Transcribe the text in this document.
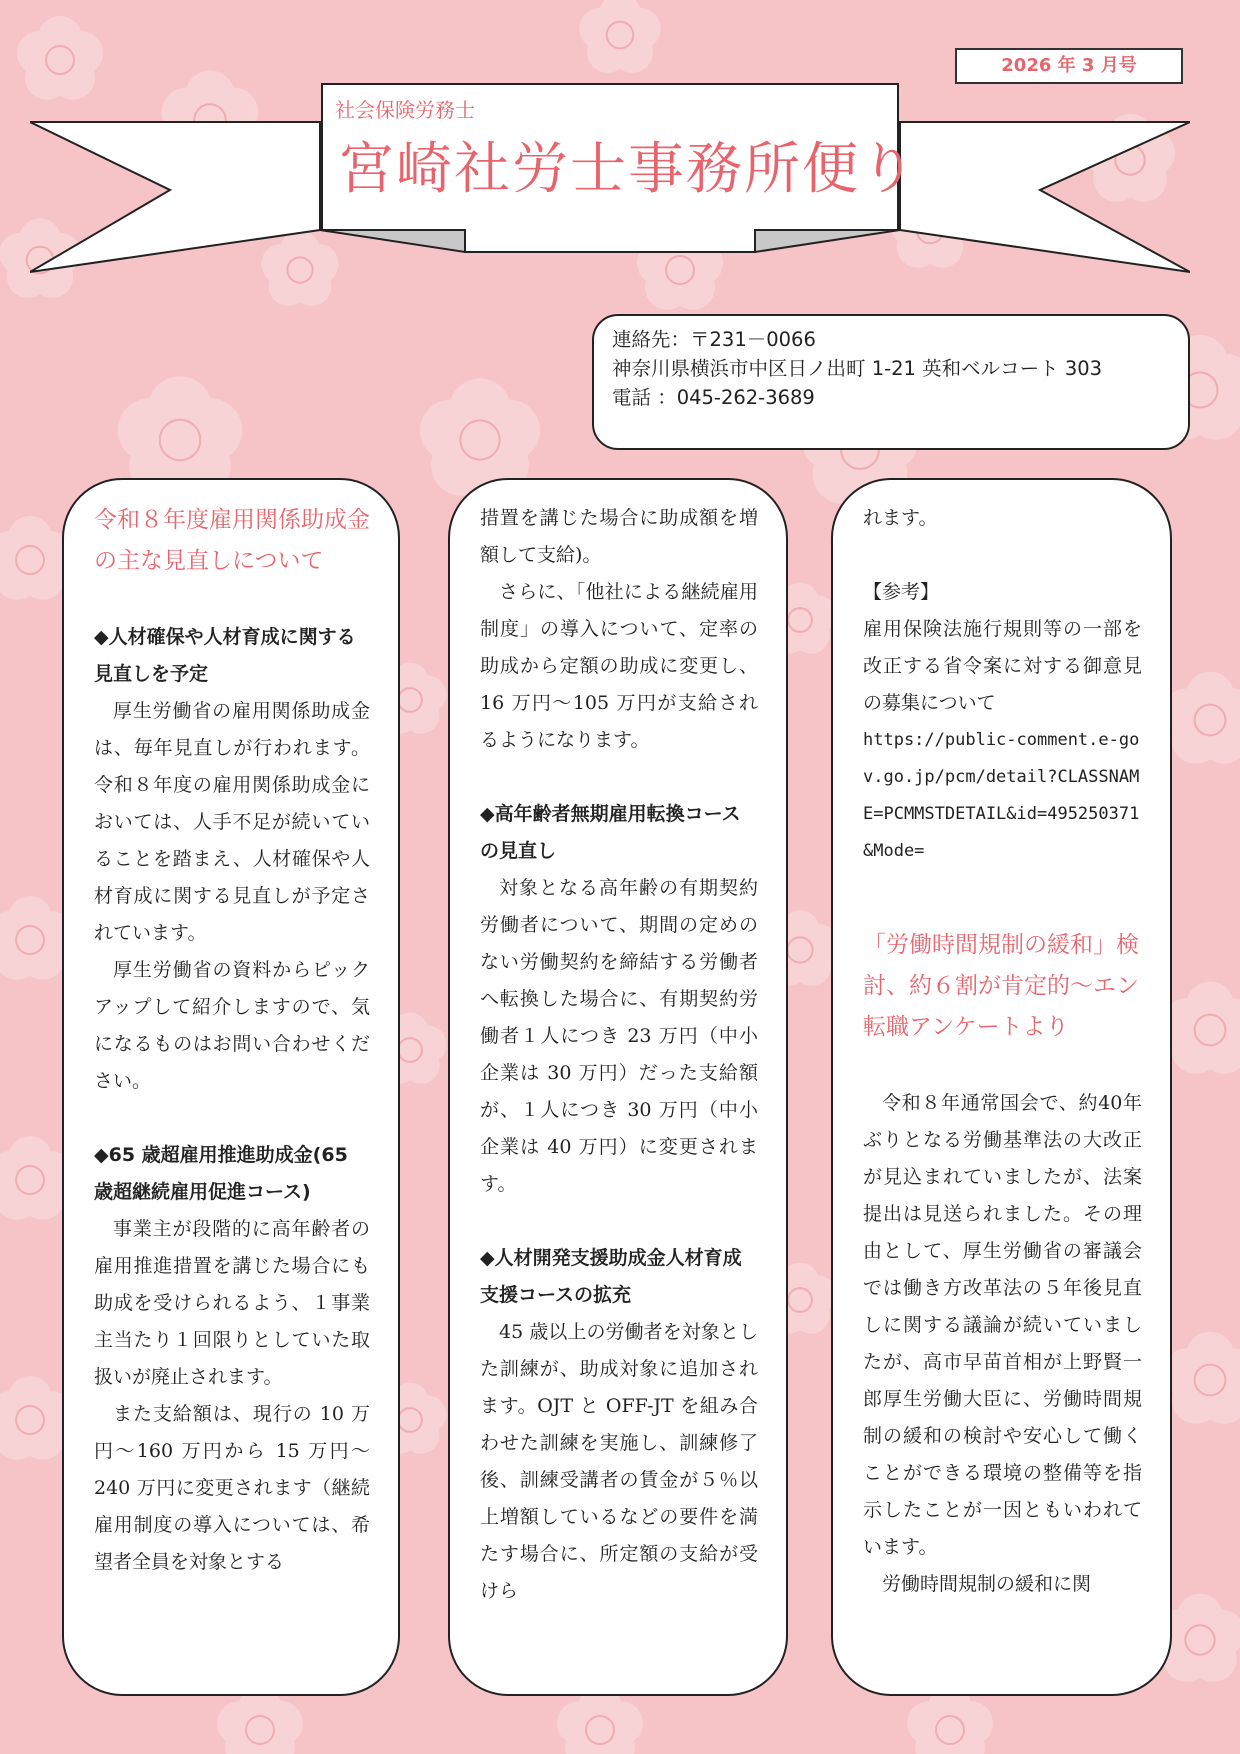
2026 年 3 月号
社会保険労務士
宮崎社労士事務所便り
連絡先：〒231－0066
神奈川県横浜市中区日ノ出町 1-21 英和ベルコート 303
電話 ：045-262-3689

令和８年度雇用関係助成金の主な見直しについて

◆人材確保や人材育成に関する見直しを予定

厚生労働省の雇用関係助成金は、毎年見直しが行われます。令和８年度の雇用関係助成金においては、人手不足が続いていることを踏まえ、人材確保や人材育成に関する見直しが予定されています。

厚生労働省の資料からピックアップして紹介しますので、気になるものはお問い合わせください。

◆65 歳超雇用推進助成金(65 歳超継続雇用促進コース)

事業主が段階的に高年齢者の雇用推進措置を講じた場合にも助成を受けられるよう、１事業主当たり１回限りとしていた取扱いが廃止されます。

また支給額は、現行の 10 万円～160 万円から 15 万円～240 万円に変更されます（継続雇用制度の導入については、希望者全員を対象とする

措置を講じた場合に助成額を増額して支給)。

さらに、「他社による継続雇用制度」の導入について、定率の助成から定額の助成に変更し、16 万円～105 万円が支給されるようになります。

◆高年齢者無期雇用転換コースの見直し

対象となる高年齢の有期契約労働者について、期間の定めのない労働契約を締結する労働者へ転換した場合に、有期契約労働者１人につき 23 万円（中小企業は 30 万円）だった支給額が、１人につき 30 万円（中小企業は 40 万円）に変更されます。

◆人材開発支援助成金人材育成支援コースの拡充

45 歳以上の労働者を対象とした訓練が、助成対象に追加されます。OJT と OFF-JT を組み合わせた訓練を実施し、訓練修了後、訓練受講者の賃金が５％以上増額しているなどの要件を満たす場合に、所定額の支給が受けら

れます。

【参考】

雇用保険法施行規則等の一部を改正する省令案に対する御意見の募集について

https://public-comment.e-gov.go.jp/pcm/detail?CLASSNAME=PCMMSTDETAIL&id=495250371&Mode=

「労働時間規制の緩和」検討、約６割が肯定的～エン転職アンケートより

令和８年通常国会で、約40年ぶりとなる労働基準法の大改正が見込まれていましたが、法案提出は見送られました。その理由として、厚生労働省の審議会では働き方改革法の５年後見直しに関する議論が続いていましたが、高市早苗首相が上野賢一郎厚生労働大臣に、労働時間規制の緩和の検討や安心して働くことができる環境の整備等を指示したことが一因ともいわれています。

労働時間規制の緩和に関
